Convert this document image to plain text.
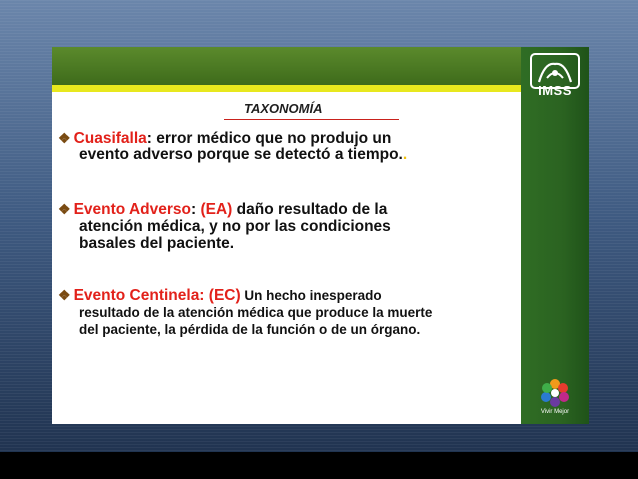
IMSS
Vivir Mejor
TAXONOMÍA
❖ Cuasifalla: error médico que no produjo un
evento adverso porque se detectó a tiempo..
❖ Evento Adverso: (EA) daño resultado de la
atención médica, y no por las condiciones
basales del paciente.
❖ Evento Centinela: (EC) Un hecho inesperado
resultado de la atención médica que produce la muerte
del paciente, la pérdida de la función o de un órgano.
